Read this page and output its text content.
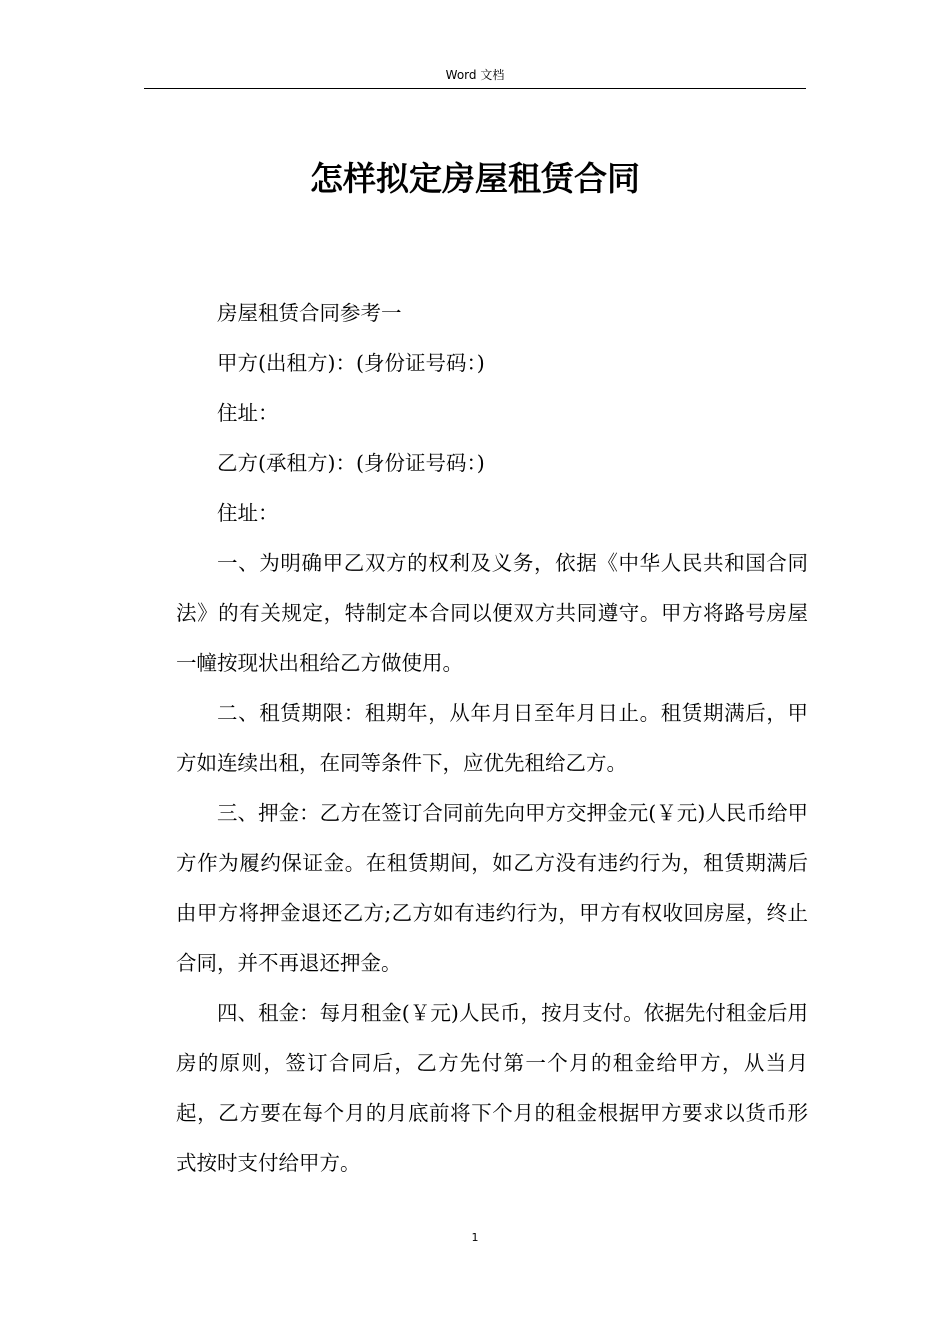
Word 文档
怎样拟定房屋租赁合同

房屋租赁合同参考一

甲方(出租方)：(身份证号码：)

住址：

乙方(承租方)：(身份证号码：)

住址：

一、为明确甲乙双方的权利及义务，依据《中华人民共和国合同法》的有关规定，特制定本合同以便双方共同遵守。甲方将路号房屋一幢按现状出租给乙方做使用。

二、租赁期限：租期年，从年月日至年月日止。租赁期满后，甲方如连续出租，在同等条件下，应优先租给乙方。

三、押金：乙方在签订合同前先向甲方交押金元(￥元)人民币给甲方作为履约保证金。在租赁期间，如乙方没有违约行为，租赁期满后由甲方将押金退还乙方;乙方如有违约行为，甲方有权收回房屋，终止合同，并不再退还押金。

四、租金：每月租金(￥元)人民币，按月支付。依据先付租金后用房的原则，签订合同后，乙方先付第一个月的租金给甲方，从当月起，乙方要在每个月的月底前将下个月的租金根据甲方要求以货币形式按时支付给甲方。

1
